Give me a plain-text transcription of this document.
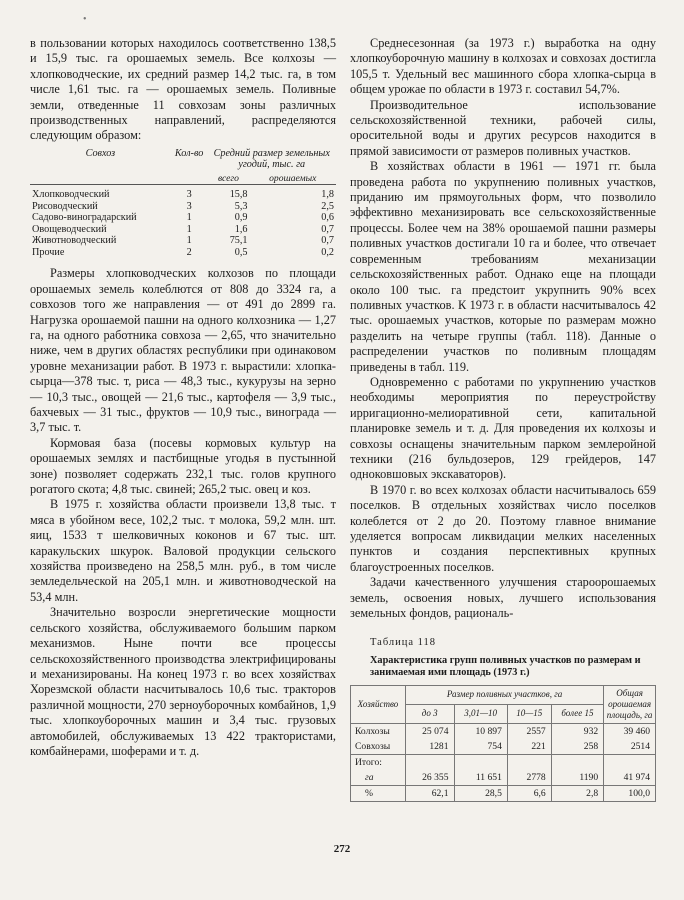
•

в пользовании которых находилось соответственно 138,5 и 15,9 тыс. га орошаемых земель. Все колхозы — хлопководческие, их средний размер 14,2 тыс. га, в том числе 1,61 тыс. га — орошаемых земель. Поливные земли, отведенные 11 совхозам зоны различных производственных направлений, распределяются следующим образом:

Совхоз	Кол-во	Средний размер земельных угодий, тыс. га	
		всего	орошаемых

Хлопководческий	3	15,8	1,8
Рисоводческий	3	5,3	2,5
Садово-виноградарский	1	0,9	0,6
Овощеводческий	1	1,6	0,7
Животноводческий	1	75,1	0,7
Прочие	2	0,5	0,2

Размеры хлопководческих колхозов по площади орошаемых земель колеблются от 808 до 3324 га, а совхозов того же направления — от 491 до 2899 га. Нагрузка орошаемой пашни на одного колхозника — 1,27 га, на одного работника совхоза — 2,65, что значительно ниже, чем в других областях республики при одинаковом уровне механизации работ. В 1973 г. вырастили: хлопка-сырца—378 тыс. т, риса — 48,3 тыс., кукурузы на зерно — 10,3 тыс., овощей — 21,6 тыс., картофеля — 3,9 тыс., бахчевых — 31 тыс., фруктов — 10,9 тыс., винограда — 3,7 тыс. т.

Кормовая база (посевы кормовых культур на орошаемых землях и пастбищные угодья в пустынной зоне) позволяет содержать 232,1 тыс. голов крупного рогатого скота; 4,8 тыс. свиней; 265,2 тыс. овец и коз.

В 1975 г. хозяйства области произвели 13,8 тыс. т мяса в убойном весе, 102,2 тыс. т молока, 59,2 млн. шт. яиц, 1533 т шелковичных коконов и 67 тыс. шт. каракульских шкурок. Валовой продукции сельского хозяйства произведено на 258,5 млн. руб., в том числе земледельческой на 205,1 млн. и животноводческой на 53,4 млн.

Значительно возросли энергетические мощности сельского хозяйства, обслуживаемого большим парком механизмов. Ныне почти все процессы сельскохозяйственного производства электрифицированы и механизированы. На конец 1973 г. во всех хозяйствах Хорезмской области насчитывалось 10,6 тыс. тракторов различной мощности, 270 зерноуборочных комбайнов, 1,9 тыс. хлопкоуборочных машин и 3,4 тыс. грузовых автомобилей, обслуживаемых 13 422 трактористами, комбайнерами, шоферами и т. д.

Среднесезонная (за 1973 г.) выработка на одну хлопкоуборочную машину в колхозах и совхозах достигла 105,5 т. Удельный вес машинного сбора хлопка-сырца в общем урожае по области в 1973 г. составил 54,7%.

Производительное использование сельскохозяйственной техники, рабочей силы, оросительной воды и других ресурсов находится в прямой зависимости от размеров поливных участков.

В хозяйствах области в 1961 — 1971 гг. была проведена работа по укрупнению поливных участков, приданию им прямоугольных форм, что позволило эффективно механизировать все сельскохозяйственные процессы. Более чем на 38% орошаемой пашни размеры поливных участков достигали 10 га и более, что отвечает современным требованиям механизации сельскохозяйственных работ. Однако еще на площади около 100 тыс. га предстоит укрупнить 90% всех поливных участков. К 1973 г. в области насчитывалось 42 тыс. орошаемых участков, которые по размерам можно разделить на четыре группы (табл. 118). Данные о распределении участков по поливным площадям приведены в табл. 119.

Одновременно с работами по укрупнению участков необходимы мероприятия по переустройству ирригационно-мелиоративной сети, капитальной планировке земель и т. д. Для проведения их колхозы и совхозы оснащены значительным парком землеройной техники (216 бульдозеров, 129 грейдеров, 147 одноковшовых экскаваторов).

В 1970 г. во всех колхозах области насчитывалось 659 поселков. В отдельных хозяйствах число поселков колеблется от 2 до 20. Поэтому главное внимание уделяется вопросам ликвидации мелких населенных пунктов и создания перспективных крупных благоустроенных поселков.

Задачи качественного улучшения староорошаемых земель, освоения новых, лучшего использования земельных фондов, рациональ-

Таблица 118
Характеристика групп поливных участков по размерам и занимаемая ими площадь (1973 г.)
Хозяйство	Размер поливных участков, га				Общая орошаемая площадь, га
	до 3	3,01—10	10—15	более 15	
Колхозы	25 074	10 897	2557	932	39 460
Совхозы	1281	754	221	258	2514
Итого:					
га	26 355	11 651	2778	1190	41 974
%	62,1	28,5	6,6	2,8	100,0
272
